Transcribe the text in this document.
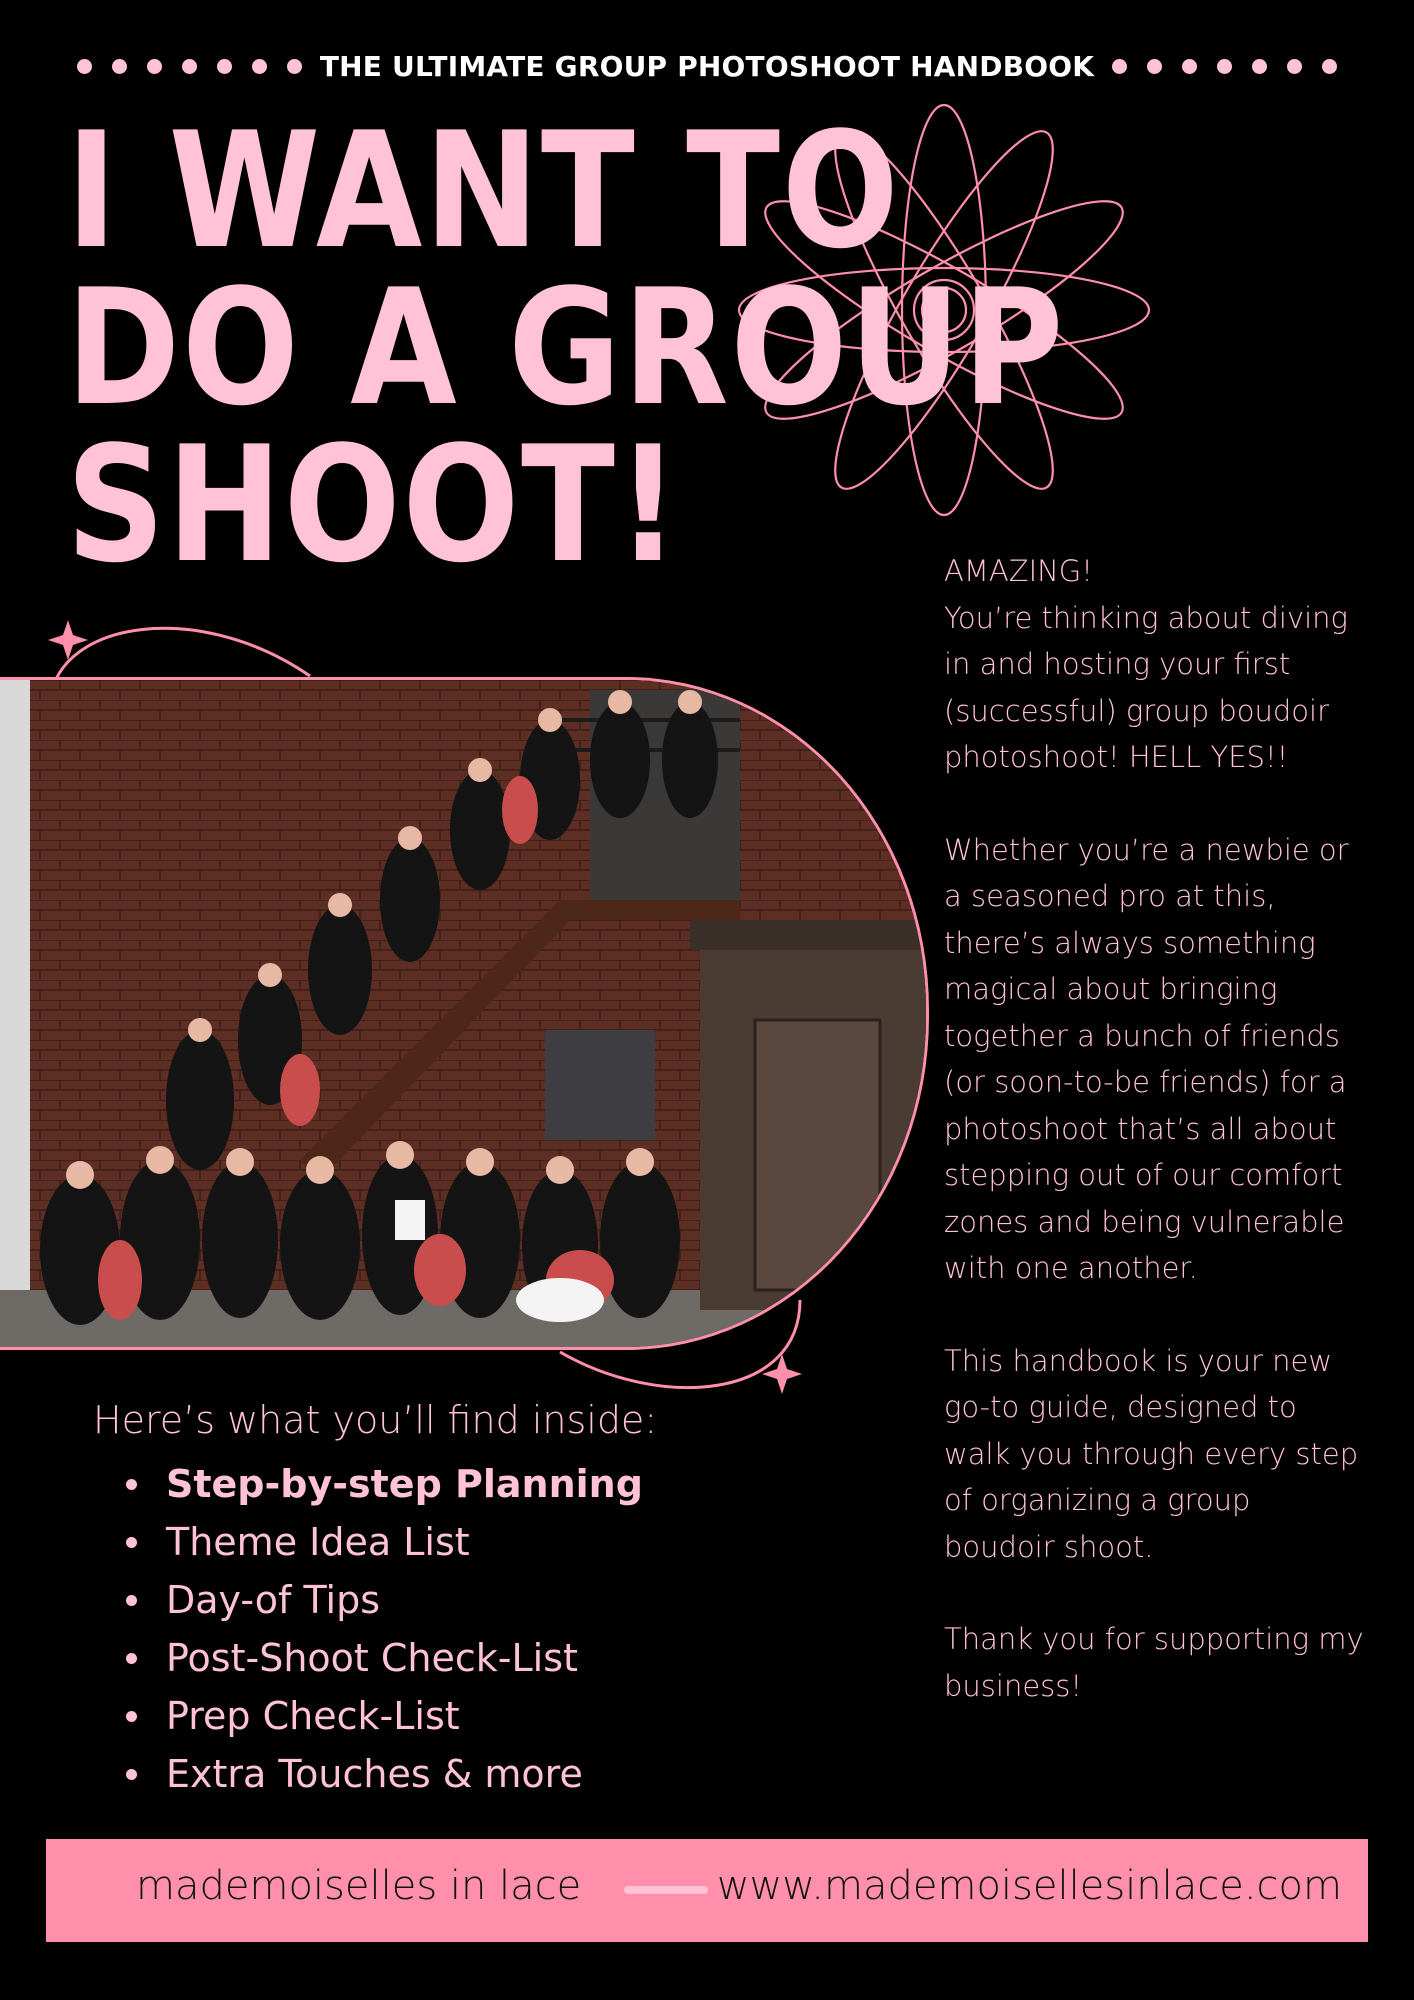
THE ULTIMATE GROUP PHOTOSHOOT HANDBOOK
I WANT TO
DO A GROUP
SHOOT!	AMAZING!
You’re thinking about diving in and hosting your first (successful) group boudoir photoshoot! HELL YES!!

Whether you’re a newbie or a seasoned pro at this, there’s always something magical about bringing together a bunch of friends (or soon-to-be friends) for a photoshoot that’s all about stepping out of our comfort zones and being vulnerable with one another.

This handbook is your new go-to guide, designed to walk you through every step of organizing a group boudoir shoot.

Thank you for supporting my business!

Here’s what you’ll find inside:
Step-by-step Planning
Theme Idea List
Day-of Tips
Post-Shoot Check-List
Prep Check-List
Extra Touches & more
mademoiselles in lace	www.mademoisellesinlace.com
